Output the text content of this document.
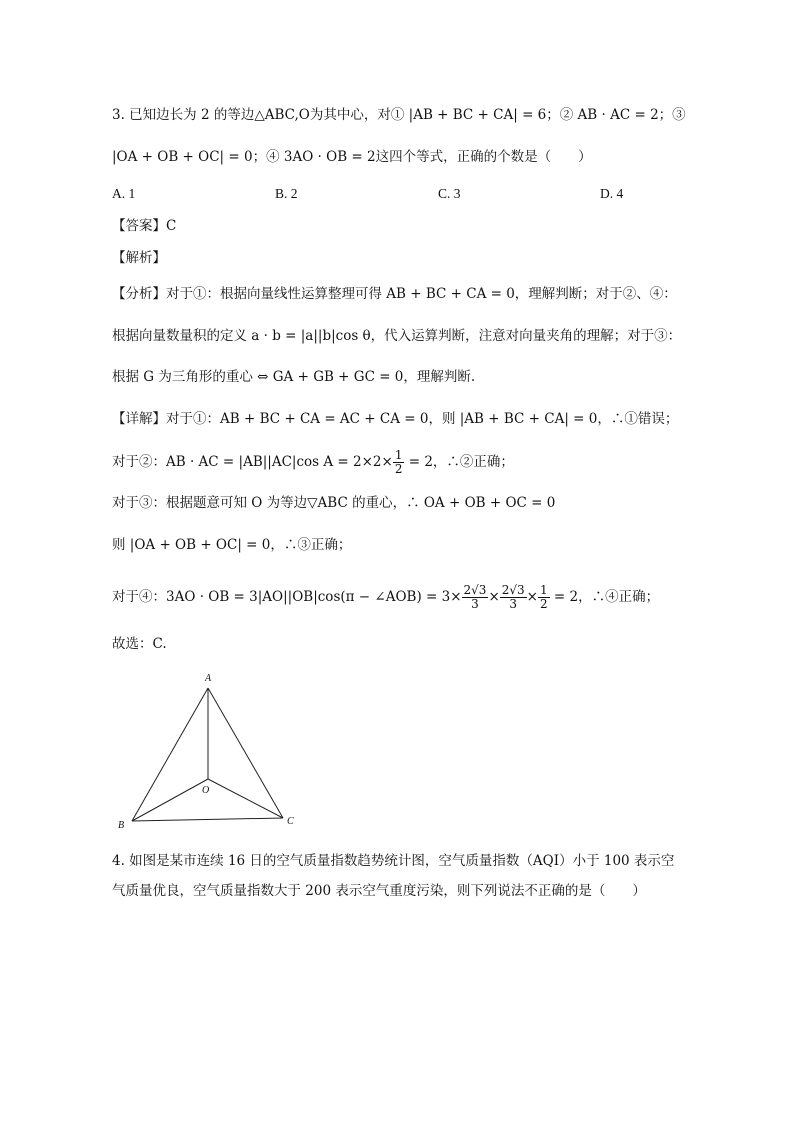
3. 已知边长为 2 的等边△ABC,O为其中心，对① |AB + BC + CA| = 6；② AB · AC = 2；③
|OA + OB + OC| = 0；④ 3AO · OB = 2这四个等式，正确的个数是（　　）
A. 1	B. 2	C. 3	D. 4
【答案】C
【解析】
【分析】对于①：根据向量线性运算整理可得 AB + BC + CA = 0，理解判断；对于②、④：
根据向量数量积的定义 a · b = |a||b|cos θ，代入运算判断，注意对向量夹角的理解；对于③：
根据 G 为三角形的重心 ⇔ GA + GB + GC = 0，理解判断.
【详解】对于①：AB + BC + CA = AC + CA = 0，则 |AB + BC + CA| = 0，∴①错误；
对于②：AB · AC = |AB||AC|cos $A = 2\times 2\times \frac{1}{2} = 2$，∴②正确；
对于③：根据题意可知 O 为等边▽ABC 的重心，∴ OA + OB + OC = 0
则 |OA + OB + OC| = 0，∴③正确；
对于④：3AO · OB = 3|AO||OB|cos(π − ∠AOB) = $3\times \frac{2√3}{3} \times \frac{2√3}{3} \times \frac{1}{2} = 2$，∴④正确；
故选：C.
A
B	C
O
4. 如图是某市连续 16 日的空气质量指数趋势统计图，空气质量指数（AQI）小于 100 表示空
气质量优良，空气质量指数大于 200 表示空气重度污染，则下列说法不正确的是（　　）
